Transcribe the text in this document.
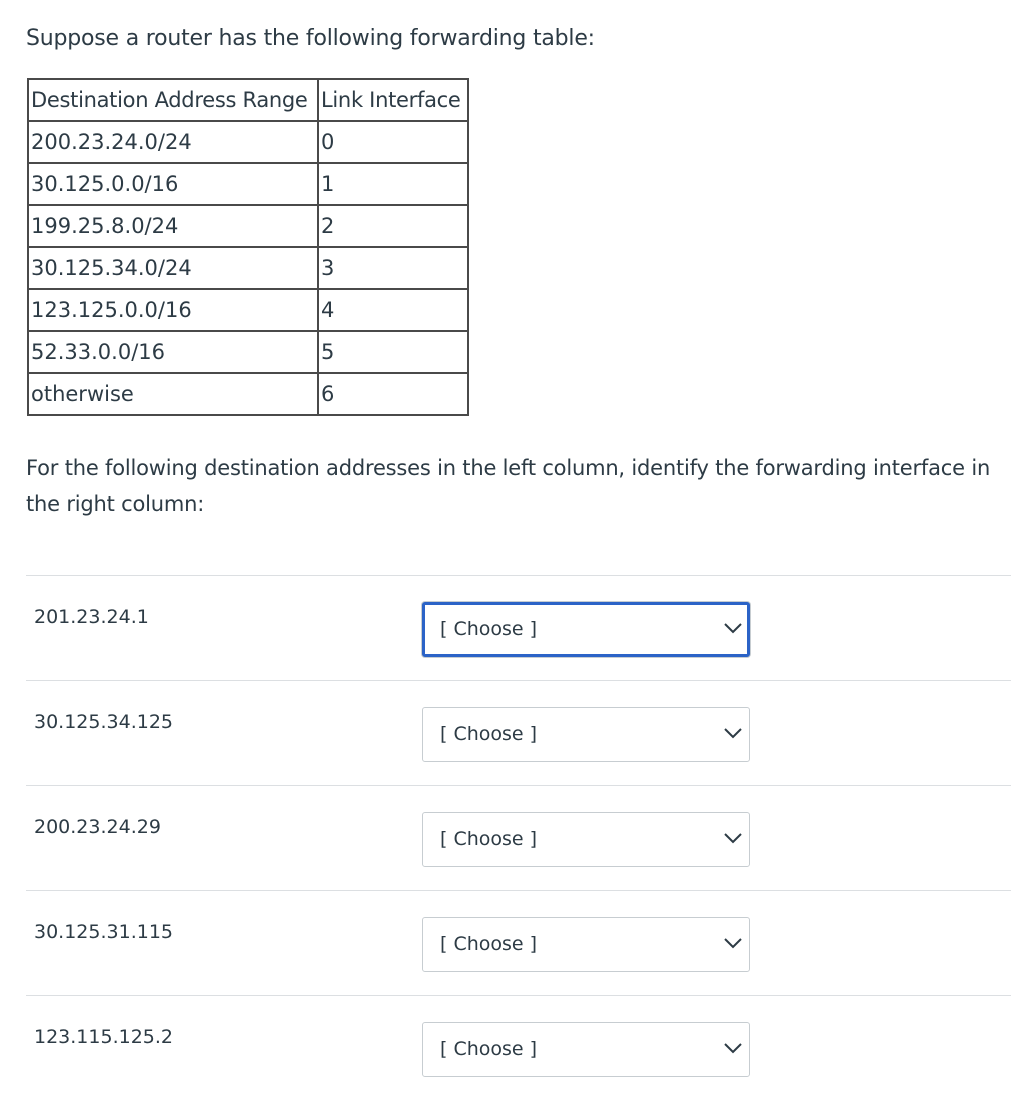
Suppose a router has the following forwarding table:

Destination Address Range	Link Interface
200.23.24.0/24	0
30.125.0.0/16	1
199.25.8.0/24	2
30.125.34.0/24	3
123.125.0.0/16	4
52.33.0.0/16	5
otherwise	6

For the following destination addresses in the left column, identify the forwarding interface in the right column:

201.23.24.1
[ Choose ]
30.125.34.125
[ Choose ]
200.23.24.29
[ Choose ]
30.125.31.115
[ Choose ]
123.115.125.2
[ Choose ]
